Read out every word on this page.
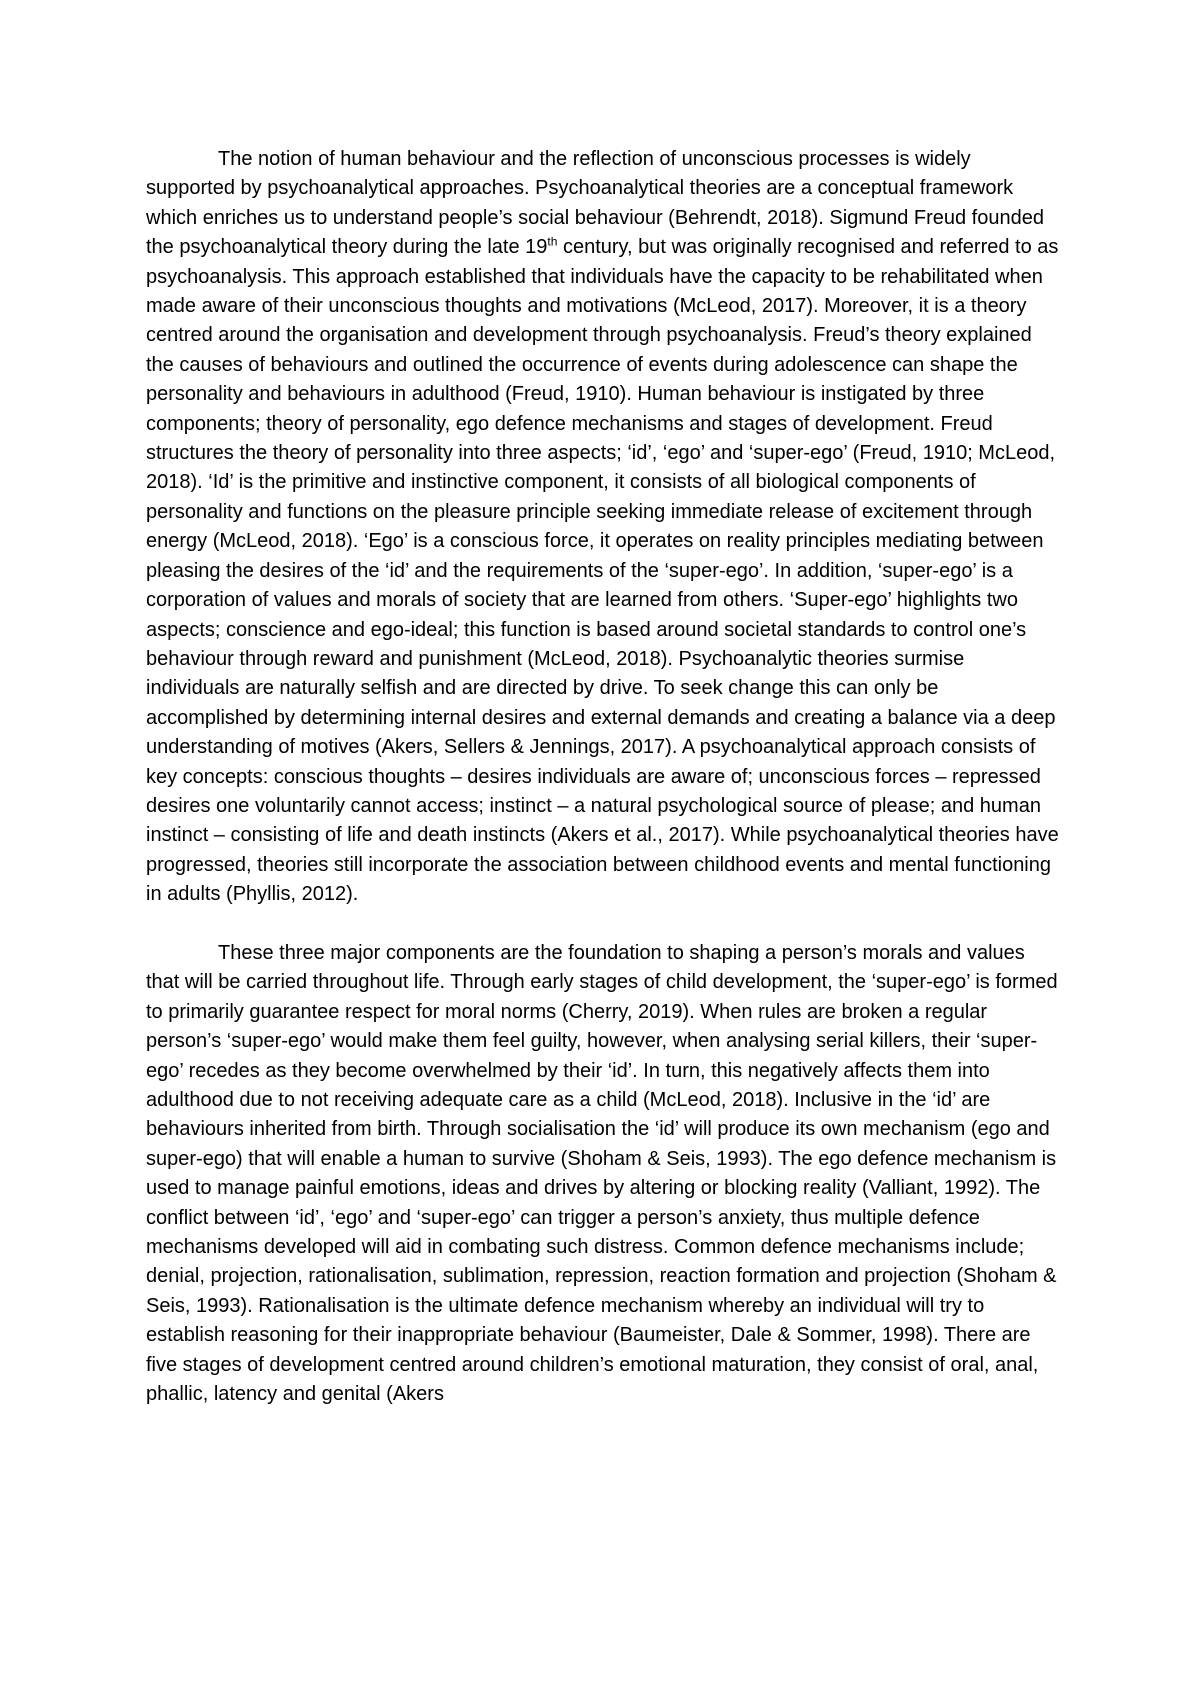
The notion of human behaviour and the reflection of unconscious processes is widely supported by psychoanalytical approaches. Psychoanalytical theories are a conceptual framework which enriches us to understand people’s social behaviour (Behrendt, 2018). Sigmund Freud founded the psychoanalytical theory during the late 19th century, but was originally recognised and referred to as psychoanalysis. This approach established that individuals have the capacity to be rehabilitated when made aware of their unconscious thoughts and motivations (McLeod, 2017). Moreover, it is a theory centred around the organisation and development through psychoanalysis. Freud’s theory explained the causes of behaviours and outlined the occurrence of events during adolescence can shape the personality and behaviours in adulthood (Freud, 1910). Human behaviour is instigated by three components; theory of personality, ego defence mechanisms and stages of development. Freud structures the theory of personality into three aspects; ‘id’, ‘ego’ and ‘super-ego’ (Freud, 1910; McLeod, 2018). ‘Id’ is the primitive and instinctive component, it consists of all biological components of personality and functions on the pleasure principle seeking immediate release of excitement through energy (McLeod, 2018). ‘Ego’ is a conscious force, it operates on reality principles mediating between pleasing the desires of the ‘id’ and the requirements of the ‘super-ego’. In addition, ‘super-ego’ is a corporation of values and morals of society that are learned from others. ‘Super-ego’ highlights two aspects; conscience and ego-ideal; this function is based around societal standards to control one’s behaviour through reward and punishment (McLeod, 2018). Psychoanalytic theories surmise individuals are naturally selfish and are directed by drive. To seek change this can only be accomplished by determining internal desires and external demands and creating a balance via a deep understanding of motives (Akers, Sellers & Jennings, 2017). A psychoanalytical approach consists of key concepts: conscious thoughts – desires individuals are aware of; unconscious forces – repressed desires one voluntarily cannot access; instinct – a natural psychological source of please; and human instinct – consisting of life and death instincts (Akers et al., 2017). While psychoanalytical theories have progressed, theories still incorporate the association between childhood events and mental functioning in adults (Phyllis, 2012).

These three major components are the foundation to shaping a person’s morals and values that will be carried throughout life. Through early stages of child development, the ‘super-ego’ is formed to primarily guarantee respect for moral norms (Cherry, 2019). When rules are broken a regular person’s ‘super-ego’ would make them feel guilty, however, when analysing serial killers, their ‘super-ego’ recedes as they become overwhelmed by their ‘id’. In turn, this negatively affects them into adulthood due to not receiving adequate care as a child (McLeod, 2018). Inclusive in the ‘id’ are behaviours inherited from birth. Through socialisation the ‘id’ will produce its own mechanism (ego and super-ego) that will enable a human to survive (Shoham & Seis, 1993). The ego defence mechanism is used to manage painful emotions, ideas and drives by altering or blocking reality (Valliant, 1992). The conflict between ‘id’, ‘ego’ and ‘super-ego’ can trigger a person’s anxiety, thus multiple defence mechanisms developed will aid in combating such distress. Common defence mechanisms include; denial, projection, rationalisation, sublimation, repression, reaction formation and projection (Shoham & Seis, 1993). Rationalisation is the ultimate defence mechanism whereby an individual will try to establish reasoning for their inappropriate behaviour (Baumeister, Dale & Sommer, 1998). There are five stages of development centred around children’s emotional maturation, they consist of oral, anal, phallic, latency and genital (Akers
